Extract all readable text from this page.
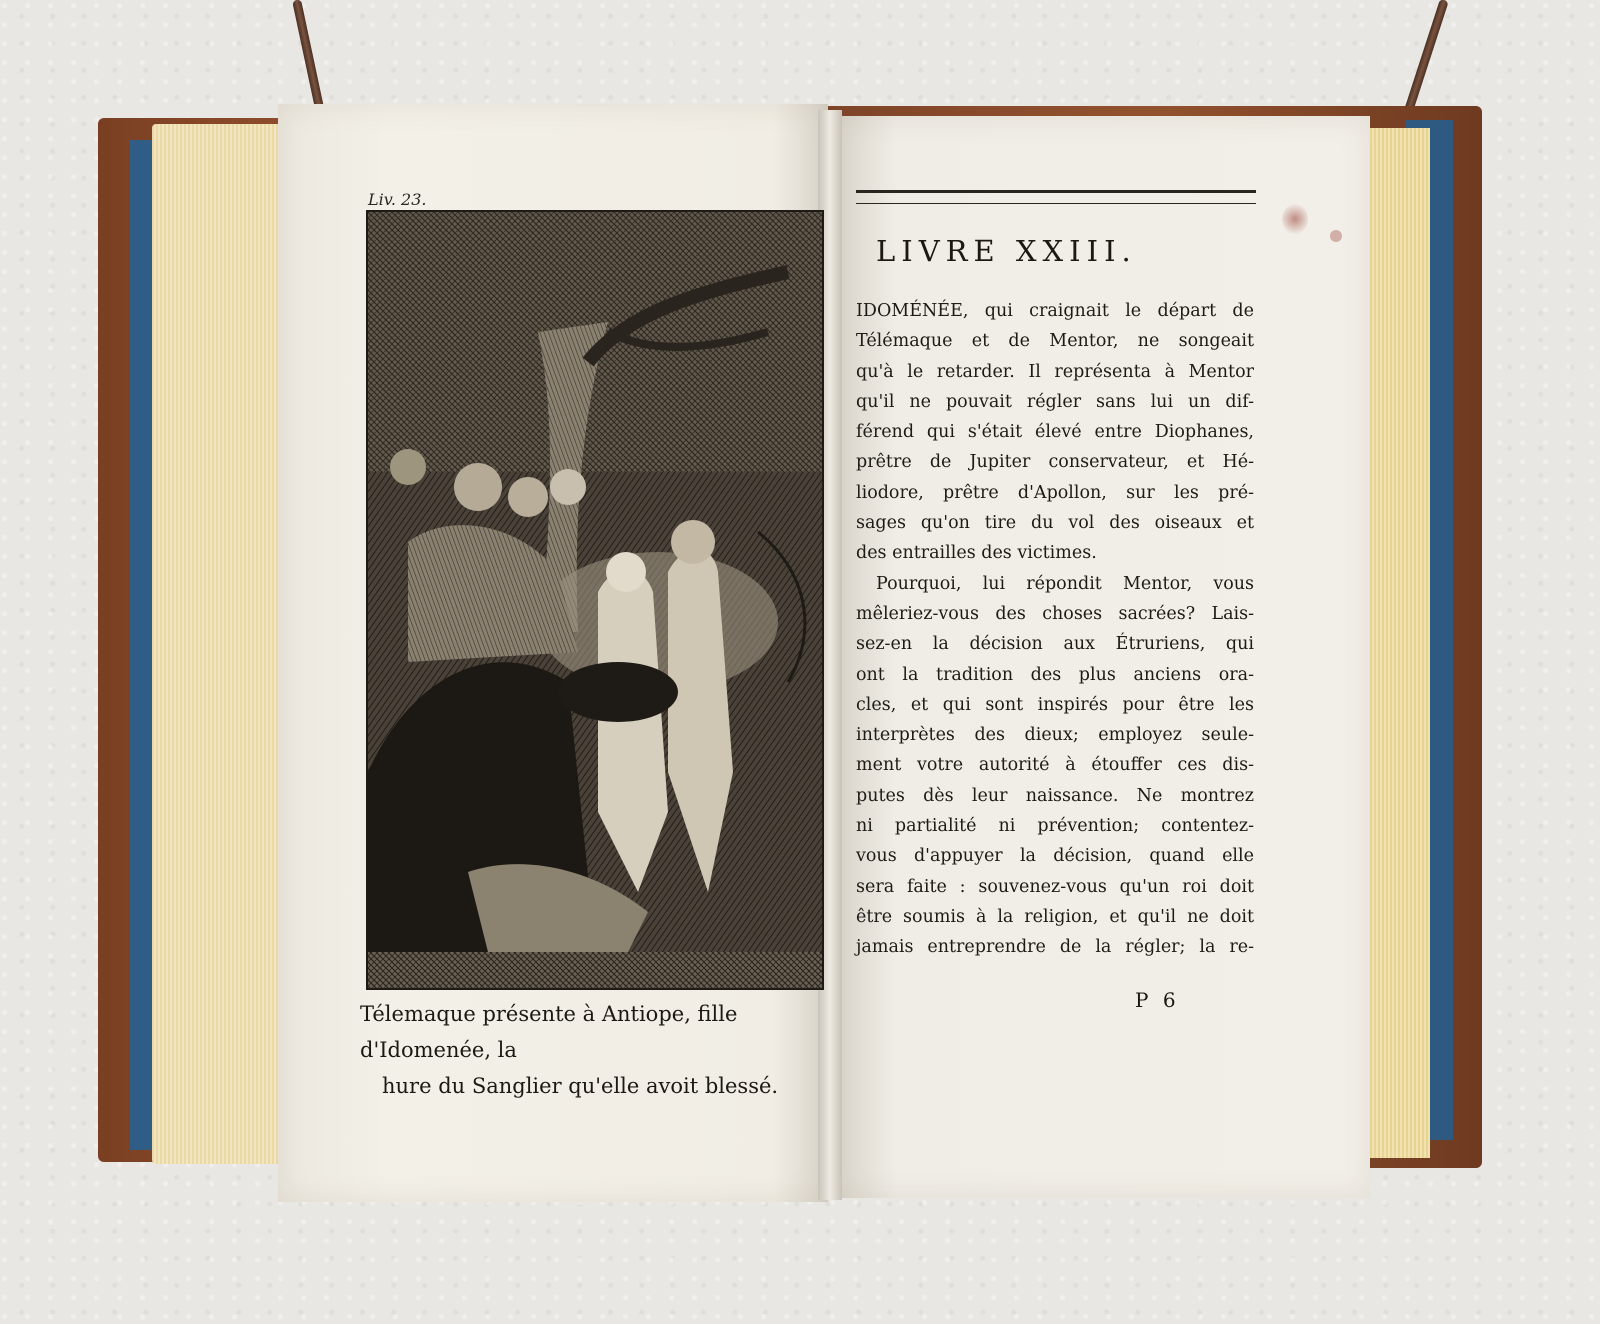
Liv. 23.
Télemaque présente à Antiope, fille d'Idomenée, la
hure du Sanglier qu'elle avoit blessé.
LIVRE XXIII.
IDOMÉNÉE, qui craignait le départ de
Télémaque et de Mentor, ne songeait
qu'à le retarder. Il représenta à Mentor
qu'il ne pouvait régler sans lui un dif-
férend qui s'était élevé entre Diophanes,
prêtre de Jupiter conservateur, et Hé-
liodore, prêtre d'Apollon, sur les pré-
sages qu'on tire du vol des oiseaux et
des entrailles des victimes.
Pourquoi, lui répondit Mentor, vous
mêleriez-vous des choses sacrées? Lais-
sez-en la décision aux Étruriens, qui
ont la tradition des plus anciens ora-
cles, et qui sont inspirés pour être les
interprètes des dieux; employez seule-
ment votre autorité à étouffer ces dis-
putes dès leur naissance. Ne montrez
ni partialité ni prévention; contentez-
vous d'appuyer la décision, quand elle
sera faite : souvenez-vous qu'un roi doit
être soumis à la religion, et qu'il ne doit
jamais entreprendre de la régler; la re-
P 6
